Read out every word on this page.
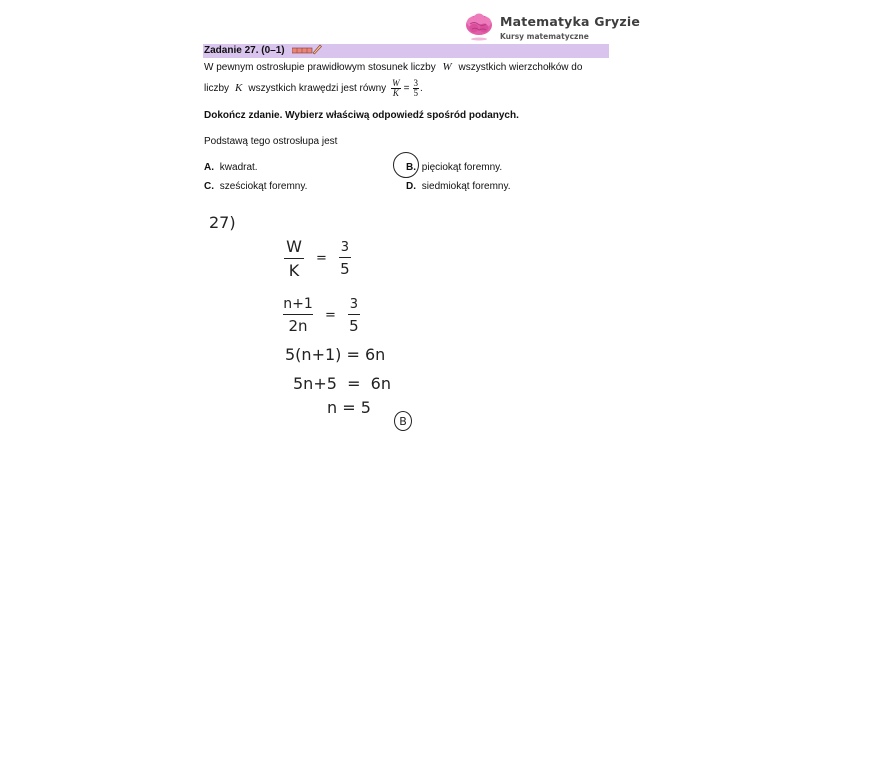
Matematyka Gryzie
Kursy matematyczne
Zadanie 27. (0–1)
W pewnym ostrosłupie prawidłowym stosunek liczby W wszystkich wierzchołków do
liczby K wszystkich krawędzi jest równy $\frac{W}{K} = \frac{3}{5}$ .
Dokończ zdanie. Wybierz właściwą odpowiedź spośród podanych.
Podstawą tego ostrosłupa jest
A. kwadrat.	B. pięciokąt foremny.
C. sześciokąt foremny.	D. siedmiokąt foremny.
27)
W
K
=
3
5
n+1
2n
=
3
5
5(n+1) = 6n
5n+5  =  6n
n = 5
B
